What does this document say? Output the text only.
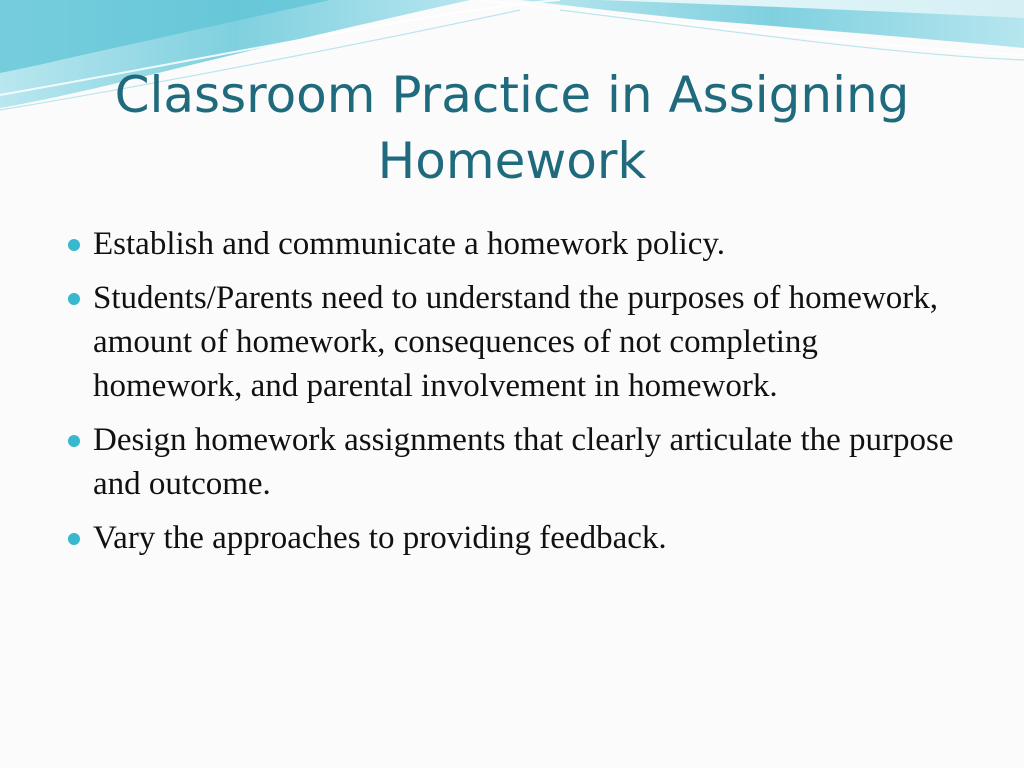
Classroom Practice in Assigning Homework
Establish and communicate a homework policy.
Students/Parents need to understand the purposes of homework, amount of homework, consequences of not completing homework, and parental involvement in homework.
Design homework assignments that clearly articulate the purpose and outcome.
Vary the approaches to providing feedback.
